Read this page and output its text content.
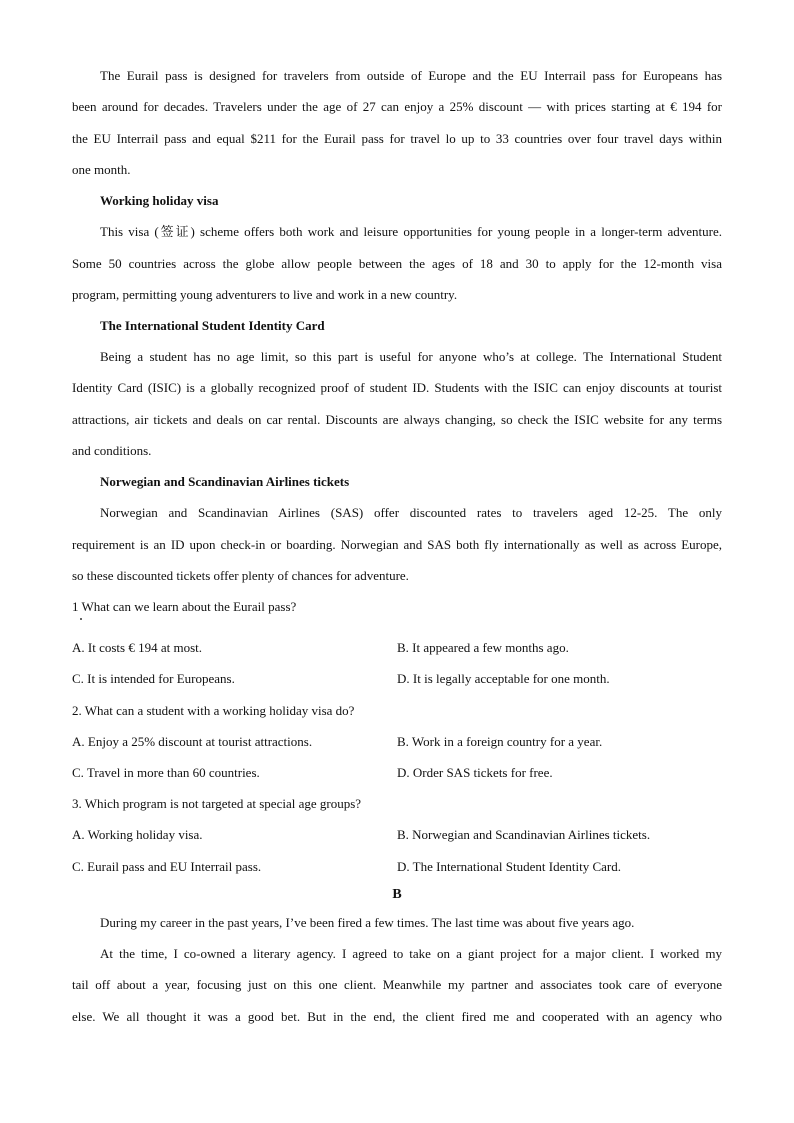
The Eurail pass is designed for travelers from outside of Europe and the EU Interrail pass for Europeans has
been around for decades. Travelers under the age of 27 can enjoy a 25% discount — with prices starting at € 194 for
the EU Interrail pass and equal $211 for the Eurail pass for travel lo up to 33 countries over four travel days within
one month.
Working holiday visa
This visa (签证) scheme offers both work and leisure opportunities for young people in a longer-term adventure.
Some 50 countries across the globe allow people between the ages of 18 and 30 to apply for the 12-month visa
program, permitting young adventurers to live and work in a new country.
The International Student Identity Card
Being a student has no age limit, so this part is useful for anyone who’s at college. The International Student
Identity Card (ISIC) is a globally recognized proof of student ID. Students with the ISIC can enjoy discounts at tourist
attractions, air tickets and deals on car rental. Discounts are always changing, so check the ISIC website for any terms
and conditions.
Norwegian and Scandinavian Airlines tickets
Norwegian and Scandinavian Airlines (SAS) offer discounted rates to travelers aged 12-25. The only
requirement is an ID upon check-in or boarding. Norwegian and SAS both fly internationally as well as across Europe,
so these discounted tickets offer plenty of chances for adventure.
1 What can we learn about the Eurail pass?
A. It costs € 194 at most.	B. It appeared a few months ago.
C. It is intended for Europeans.	D. It is legally acceptable for one month.
2. What can a student with a working holiday visa do?
A. Enjoy a 25% discount at tourist attractions.	B. Work in a foreign country for a year.
C. Travel in more than 60 countries.	D. Order SAS tickets for free.
3. Which program is not targeted at special age groups?
A. Working holiday visa.	B. Norwegian and Scandinavian Airlines tickets.
C. Eurail pass and EU Interrail pass.	D. The International Student Identity Card.
B
During my career in the past years, I’ve been fired a few times. The last time was about five years ago.
At the time, I co-owned a literary agency. I agreed to take on a giant project for a major client. I worked my
tail off about a year, focusing just on this one client. Meanwhile my partner and associates took care of everyone
else. We all thought it was a good bet. But in the end, the client fired me and cooperated with an agency who
